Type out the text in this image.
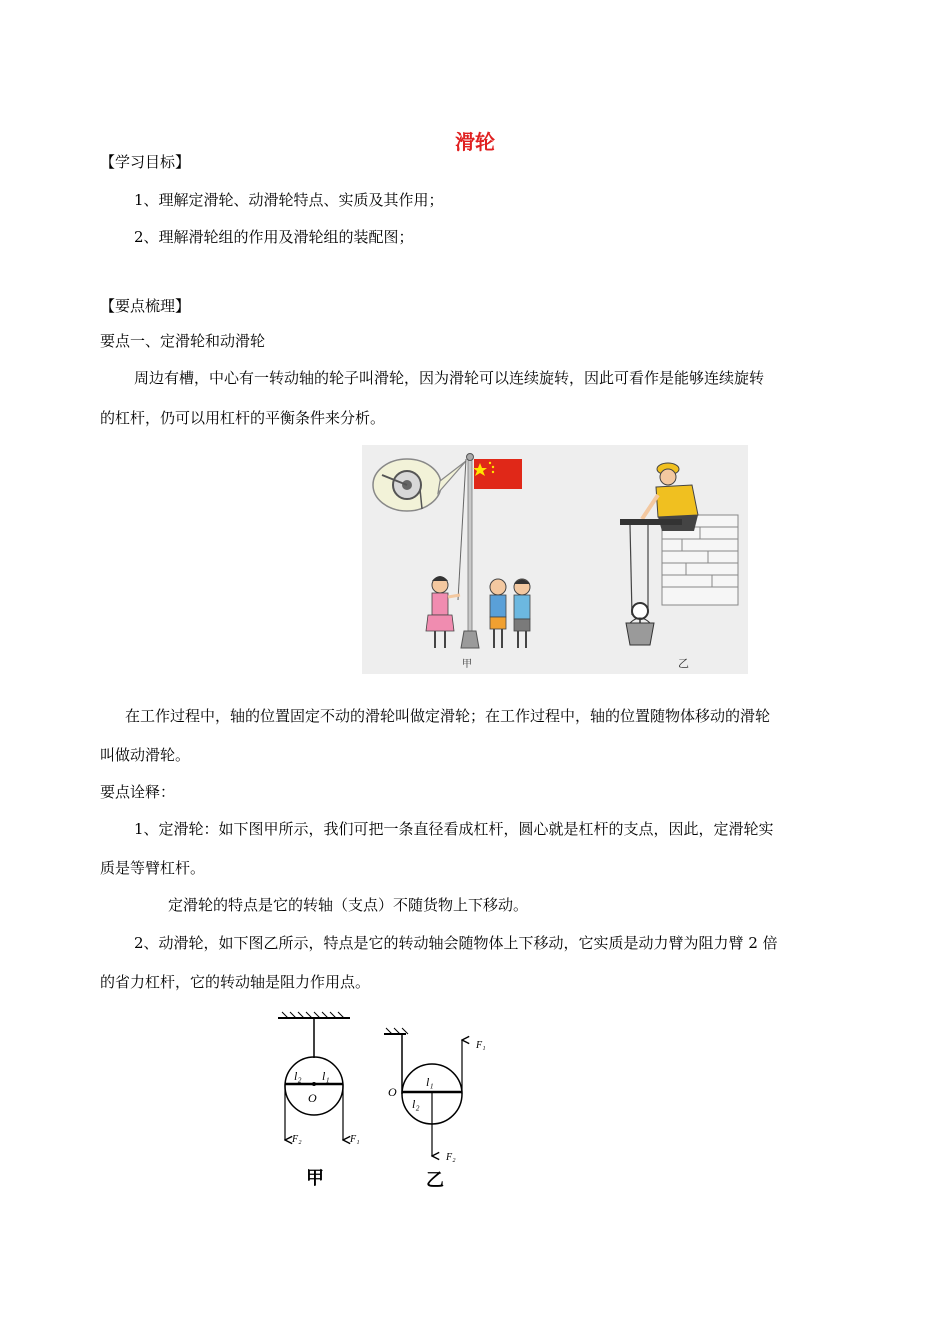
滑轮
【学习目标】
1、理解定滑轮、动滑轮特点、实质及其作用；
2、理解滑轮组的作用及滑轮组的装配图；
【要点梳理】
要点一、定滑轮和动滑轮
周边有槽，中心有一转动轴的轮子叫滑轮，因为滑轮可以连续旋转，因此可看作是能够连续旋转
的杠杆，仍可以用杠杆的平衡条件来分析。
甲	乙
在工作过程中，轴的位置固定不动的滑轮叫做定滑轮；在工作过程中，轴的位置随物体移动的滑轮
叫做动滑轮。
要点诠释：
1、定滑轮：如下图甲所示，我们可把一条直径看成杠杆，圆心就是杠杆的支点，因此，定滑轮实
质是等臂杠杆。
定滑轮的特点是它的转轴（支点）不随货物上下移动。
2、动滑轮，如下图乙所示，特点是它的转动轴会随物体上下移动，它实质是动力臂为阻力臂 2 倍
的省力杠杆，它的转动轴是阻力作用点。
l₂ l₁
O
F₂	F₁
甲
O
l₁
l₂
F₁
F₂
乙
